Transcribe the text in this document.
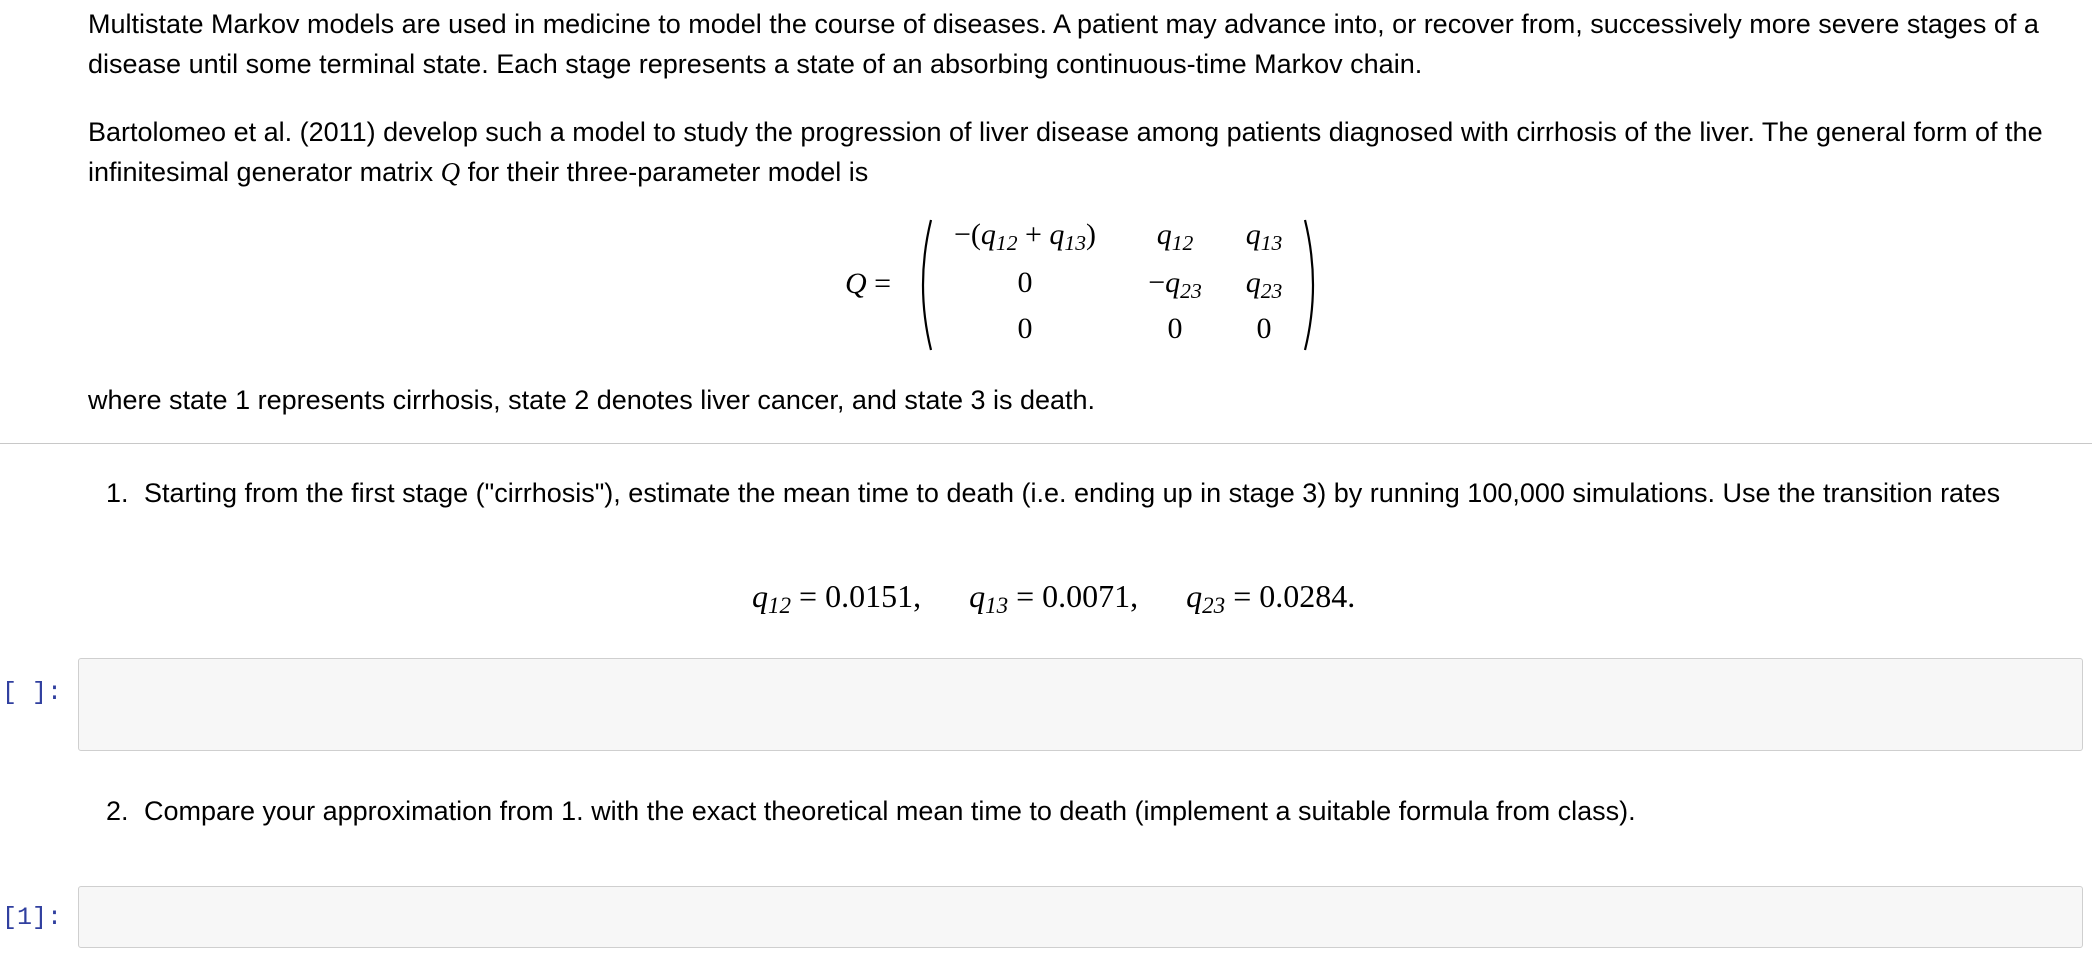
Multistate Markov models are used in medicine to model the course of diseases. A patient may advance into, or recover from, successively more severe stages of a disease until some terminal state. Each stage represents a state of an absorbing continuous-time Markov chain.

Bartolomeo et al. (2011) develop such a model to study the progression of liver disease among patients diagnosed with cirrhosis of the liver. The general form of the infinitesimal generator matrix Q for their three-parameter model is

Q =
$-(q_{12} + q_{13})$	$q_{12}$	$q_{13}$
0	$-q_{23}$	$q_{23}$
0	0	0

where state 1 represents cirrhosis, state 2 denotes liver cancer, and state 3 is death.

1. Starting from the first stage ("cirrhosis"), estimate the mean time to death (i.e. ending up in stage 3) by running 100,000 simulations. Use the transition rates
$q_{12} = 0.0151$, $q_{13} = 0.0071$, $q_{23} = 0.0284$.
[ ]:
2. Compare your approximation from 1. with the exact theoretical mean time to death (implement a suitable formula from class).
[1]:
